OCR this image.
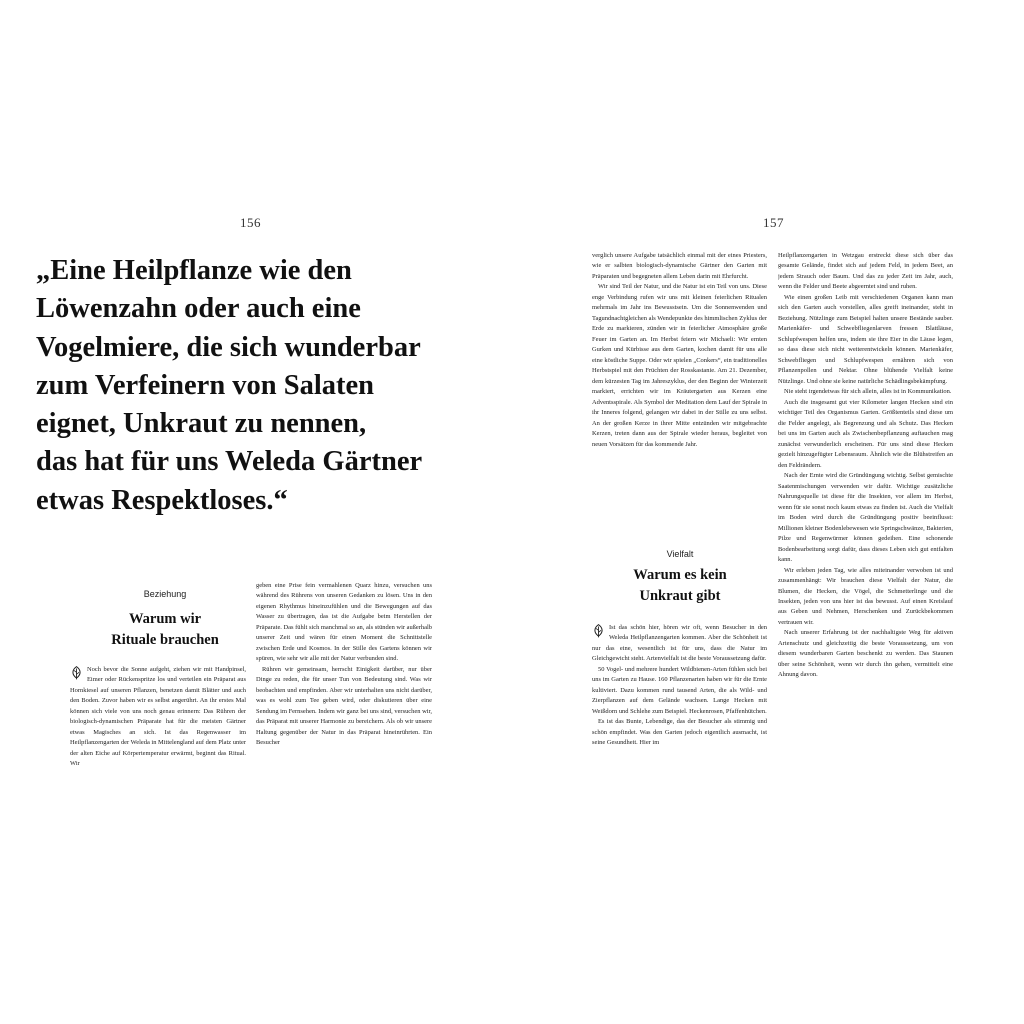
156
„Eine Heilpflanze wie den
Löwenzahn oder auch eine
Vogelmiere, die sich wunderbar
zum Verfeinern von Salaten
eignet, Unkraut zu nennen,
das hat für uns Weleda Gärtner
etwas Respektloses.“
Beziehung
Warum wir
Rituale brauchen

Noch bevor die Sonne aufgeht, ziehen wir mit Handpinsel, Eimer oder Rückenspritze los und verteilen ein Präparat aus Hornkiesel auf unseren Pflanzen, benetzen damit Blätter und auch den Boden. Zuvor haben wir es selbst angerührt. An ihr erstes Mal können sich viele von uns noch genau erinnern: Das Rühren der biologisch-dynamischen Präparate hat für die meisten Gärtner etwas Magisches an sich. Ist das Regenwasser im Heilpflanzengarten der Weleda in Mittelengland auf dem Platz unter der alten Eiche auf Körpertemperatur erwärmt, beginnt das Ritual. Wir

geben eine Prise fein vermahlenen Quarz hinzu, versuchen uns während des Rührens von unseren Gedanken zu lösen. Uns in den eigenen Rhythmus hineinzufühlen und die Bewegungen auf das Wasser zu übertragen, das ist die Aufgabe beim Herstellen der Präparate. Das fühlt sich manchmal so an, als stünden wir außerhalb unserer Zeit und wären für einen Moment die Schnittstelle zwischen Erde und Kosmos. In der Stille des Gartens können wir spüren, wie sehr wir alle mit der Natur verbunden sind.

Rühren wir gemeinsam, herrscht Einigkeit darüber, nur über Dinge zu reden, die für unser Tun von Bedeutung sind. Was wir beobachten und empfinden. Aber wir unterhalten uns nicht darüber, was es wohl zum Tee geben wird, oder diskutieren über eine Sendung im Fernsehen. Indem wir ganz bei uns sind, versuchen wir, das Präparat mit unserer Harmonie zu bereichern. Als ob wir unsere Haltung gegenüber der Natur in das Präparat hineinrührten. Ein Besucher

157

verglich unsere Aufgabe tatsächlich einmal mit der eines Priesters, wie er salbten biologisch-dynamische Gärtner den Garten mit Präparaten und begegneten allem Leben darin mit Ehrfurcht.

Wir sind Teil der Natur, und die Natur ist ein Teil von uns. Diese enge Verbindung rufen wir uns mit kleinen feierlichen Ritualen mehrmals im Jahr ins Bewusstsein. Um die Sonnenwenden und Tagundnachtgleichen als Wendepunkte des himmlischen Zyklus der Erde zu markieren, zünden wir in feierlicher Atmosphäre große Feuer im Garten an. Im Herbst feiern wir Michaeli: Wir ernten Gurken und Kürbisse aus dem Garten, kochen damit für uns alle eine köstliche Suppe. Oder wir spielen „Conkers“, ein traditionelles Herbstspiel mit den Früchten der Rosskastanie. Am 21. Dezember, dem kürzesten Tag im Jahreszyklus, der den Beginn der Winterzeit markiert, errichten wir im Kräutergarten aus Kerzen eine Adventsspirale. Als Symbol der Meditation dem Lauf der Spirale in ihr Inneres folgend, gelangen wir dabei in der Stille zu uns selbst. An der großen Kerze in ihrer Mitte entzünden wir mitgebrachte Kerzen, treten dann aus der Spirale wieder heraus, begleitet von neuen Vorsätzen für das kommende Jahr.

Vielfalt
Warum es kein
Unkraut gibt

Ist das schön hier, hören wir oft, wenn Besucher in den Weleda Heilpflanzengarten kommen. Aber die Schönheit ist nur das eine, wesentlich ist für uns, dass die Natur im Gleichgewicht steht. Artenvielfalt ist die beste Voraussetzung dafür.

50 Vogel- und mehrere hundert Wildbienen-Arten fühlen sich bei uns im Garten zu Hause. 160 Pflanzenarten haben wir für die Ernte kultiviert. Dazu kommen rund tausend Arten, die als Wild- und Zierpflanzen auf dem Gelände wachsen. Lange Hecken mit Weißdorn und Schlehe zum Beispiel. Heckenrosen, Pfaffenhütchen.

Es ist das Bunte, Lebendige, das der Besucher als stimmig und schön empfindet. Was den Garten jedoch eigentlich ausmacht, ist seine Gesundheit. Hier im

Heilpflanzengarten in Wetzgau erstreckt diese sich über das gesamte Gelände, findet sich auf jedem Feld, in jedem Beet, an jedem Strauch oder Baum. Und das zu jeder Zeit im Jahr, auch, wenn die Felder und Beete abgeerntet sind und ruhen.

Wie einen großen Leib mit verschiedenen Organen kann man sich den Garten auch vorstellen, alles greift ineinander, steht in Beziehung. Nützlinge zum Beispiel halten unsere Bestände sauber. Marienkäfer- und Schwebfliegenlarven fressen Blattläuse, Schlupfwespen helfen uns, indem sie ihre Eier in die Läuse legen, so dass diese sich nicht weiterentwickeln können. Marienkäfer, Schwebfliegen und Schlupfwespen ernähren sich von Pflanzenpollen und Nektar. Ohne blühende Vielfalt keine Nützlinge. Und ohne sie keine natürliche Schädlingsbekämpfung.

Nie steht irgendetwas für sich allein, alles ist in Kommunikation.

Auch die insgesamt gut vier Kilometer langen Hecken sind ein wichtiger Teil des Organismus Garten. Größtenteils sind diese um die Felder angelegt, als Begrenzung und als Schutz. Das Hecken bei uns im Garten auch als Zwischenbepflanzung auftauchen mag zunächst verwunderlich erscheinen. Für uns sind diese Hecken gezielt hinzugefügter Lebensraum. Ähnlich wie die Blühstreifen an den Feldrändern.

Nach der Ernte wird die Gründüngung wichtig. Selbst gemischte Saatenmischungen verwenden wir dafür. Wichtige zusätzliche Nahrungsquelle ist diese für die Insekten, vor allem im Herbst, wenn für sie sonst noch kaum etwas zu finden ist. Auch die Vielfalt im Boden wird durch die Gründüngung positiv beeinflusst: Millionen kleiner Bodenlebewesen wie Springschwänze, Bakterien, Pilze und Regenwürmer können gedeihen. Eine schonende Bodenbearbeitung sorgt dafür, dass dieses Leben sich gut entfalten kann.

Wir erleben jeden Tag, wie alles miteinander verwoben ist und zusammenhängt: Wir brauchen diese Vielfalt der Natur, die Blumen, die Hecken, die Vögel, die Schmetterlinge und die Insekten, jeden von uns hier ist das bewusst. Auf einen Kreislauf aus Geben und Nehmen, Herschenken und Zurückbekommen vertrauen wir.

Nach unserer Erfahrung ist der nachhaltigste Weg für aktiven Artenschutz und gleichzeitig die beste Voraussetzung, um von diesem wunderbaren Garten beschenkt zu werden. Das Staunen über seine Schönheit, wenn wir durch ihn gehen, vermittelt eine Ahnung davon.
